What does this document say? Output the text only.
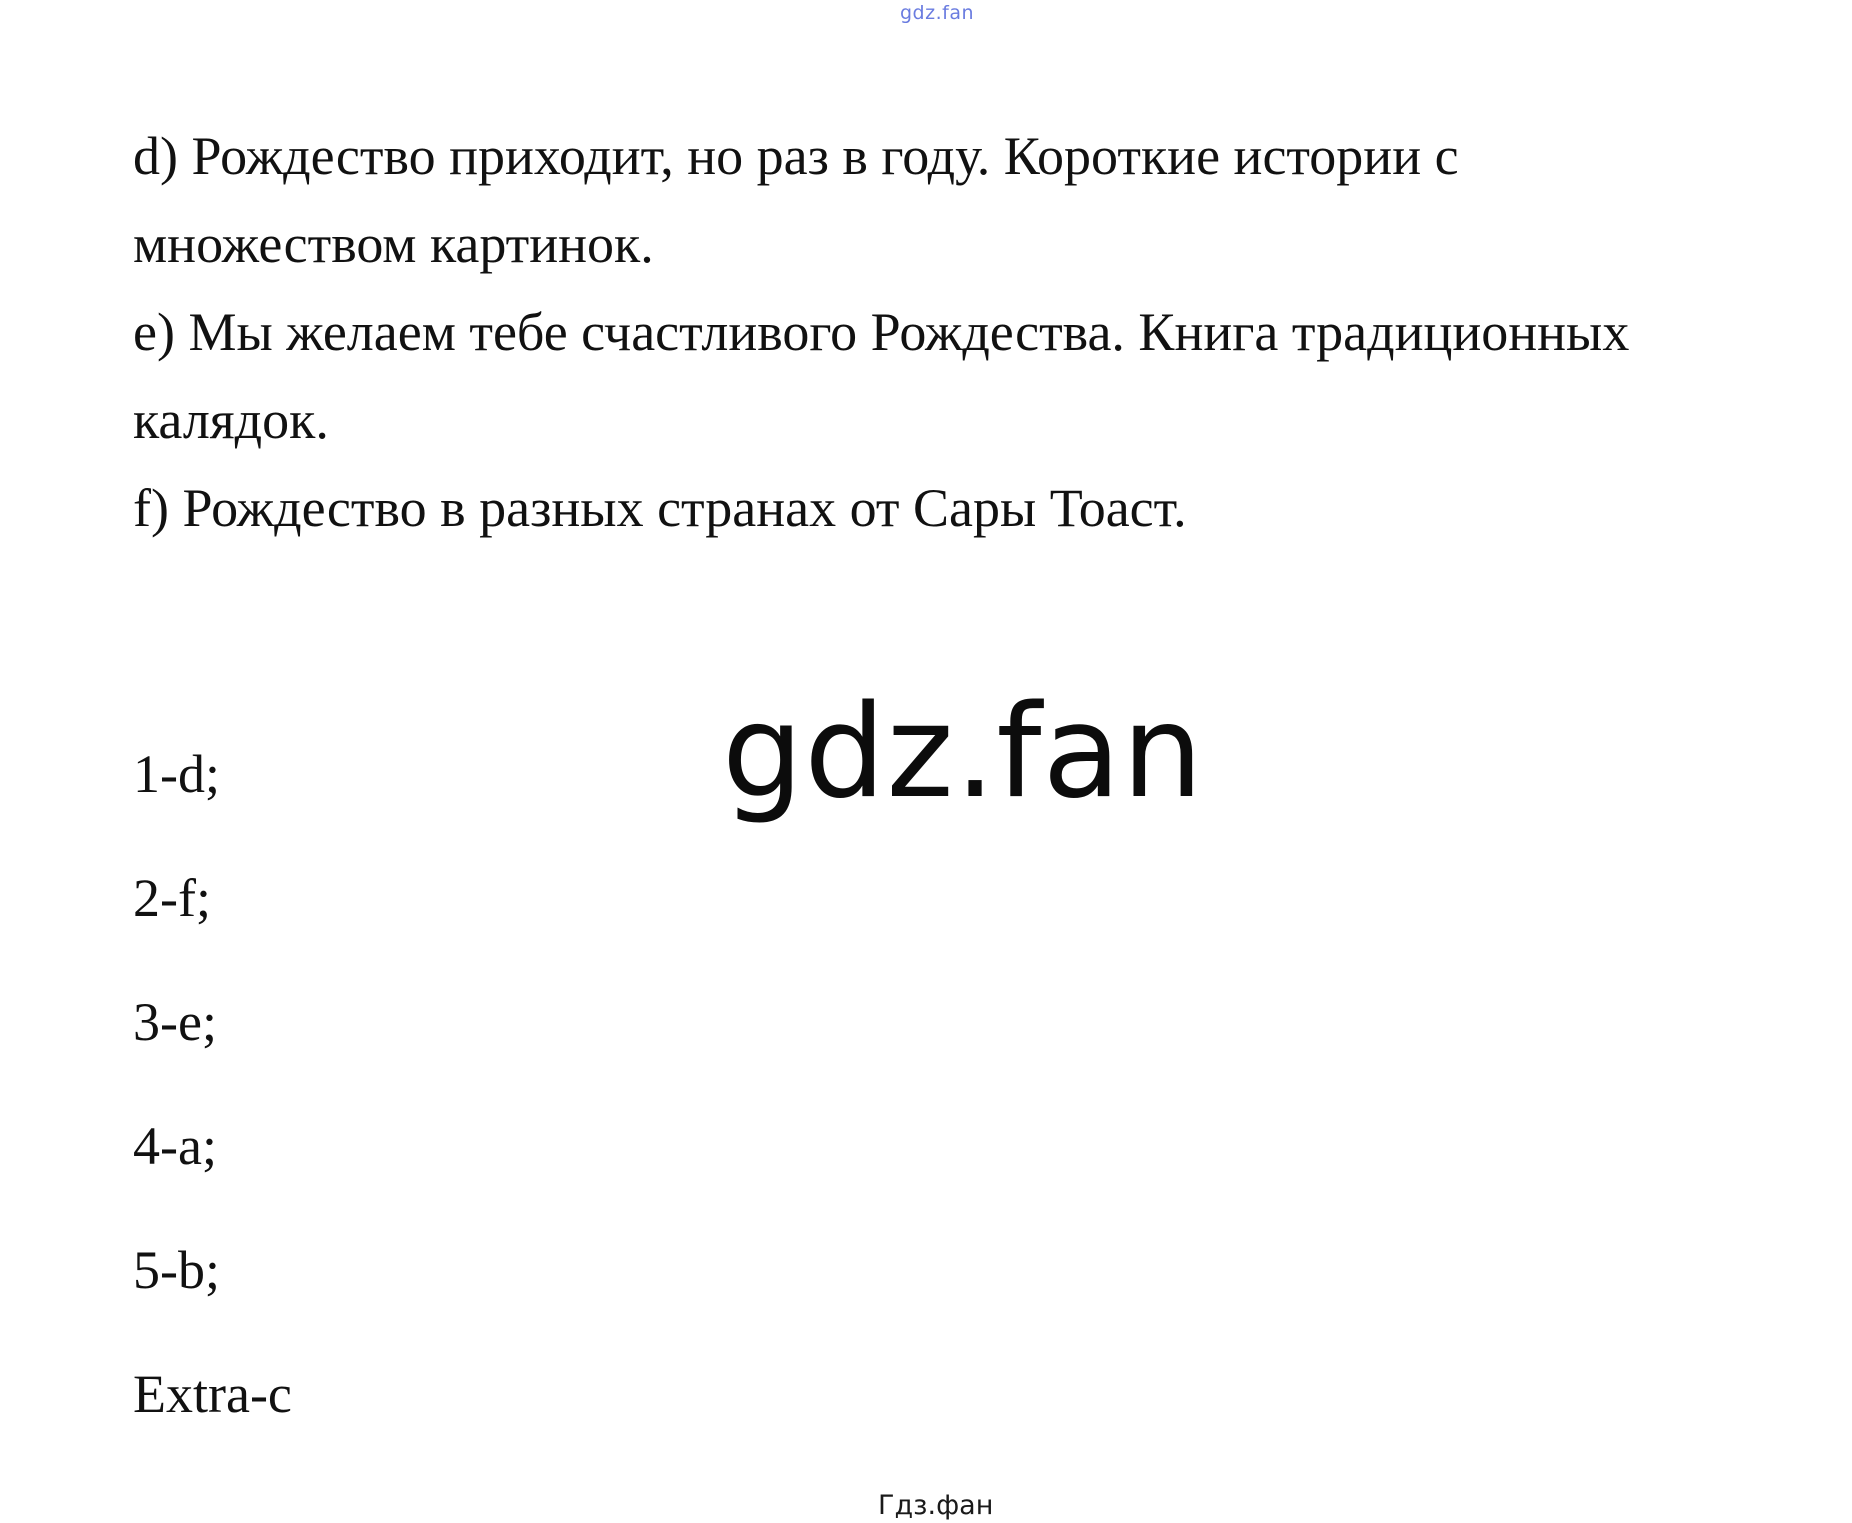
gdz.fan
d) Рождество приходит, но раз в году. Короткие истории с
множеством картинок.
e) Мы желаем тебе счастливого Рождества. Книга традиционных
калядок.
f) Рождество в разных странах от Сары Тоаст.
gdz.fan
1-d;
2-f;
3-e;
4-a;
5-b;
Extra-c
Гдз.фан
